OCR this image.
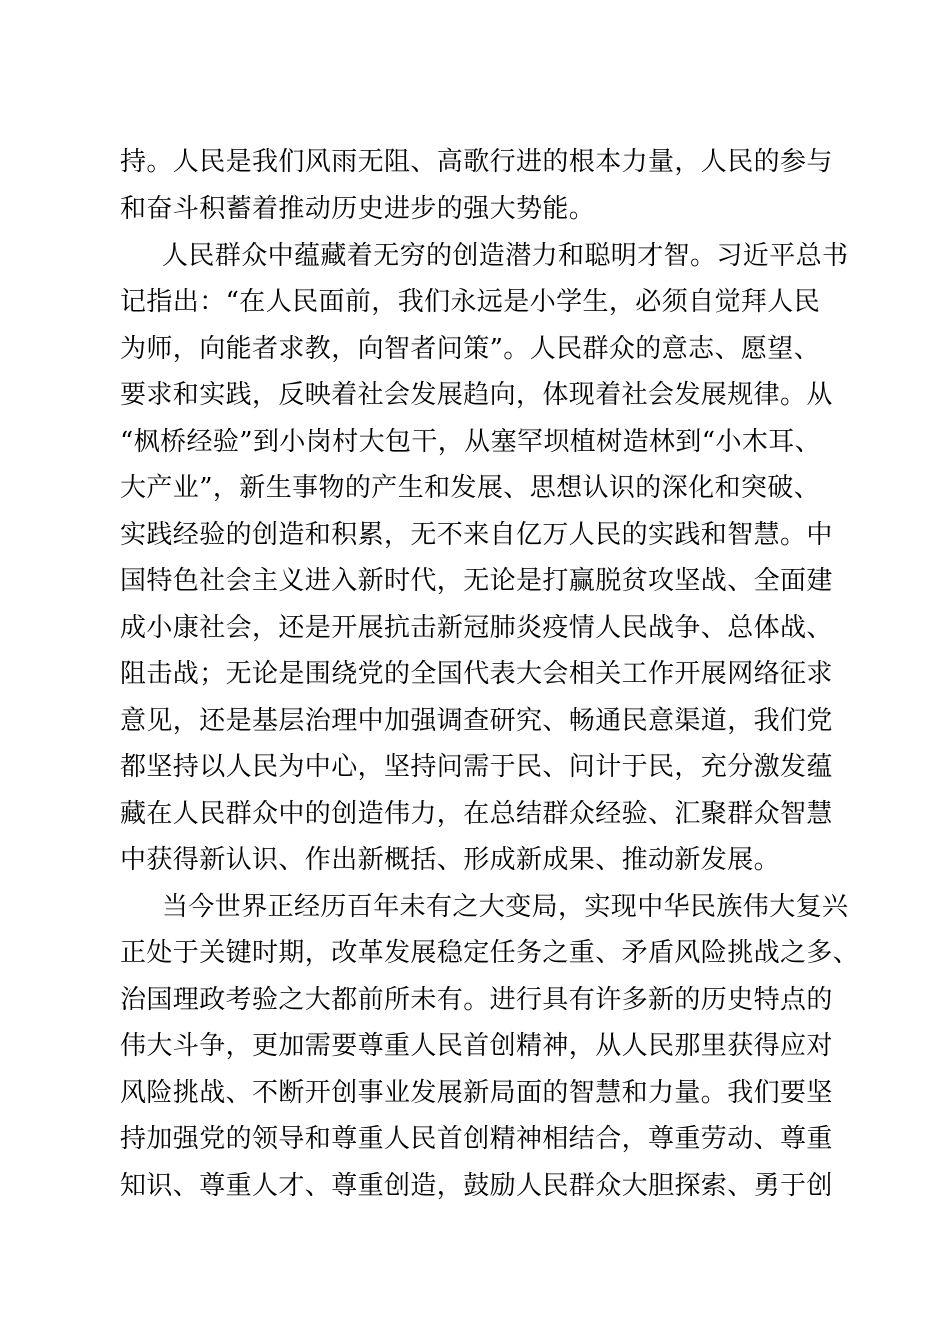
持。人民是我们风雨无阻、高歌行进的根本力量，人民的参与
和奋斗积蓄着推动历史进步的强大势能。
人民群众中蕴藏着无穷的创造潜力和聪明才智。习近平总书
记指出：“在人民面前，我们永远是小学生，必须自觉拜人民
为师，向能者求教，向智者问策”。人民群众的意志、愿望、
要求和实践，反映着社会发展趋向，体现着社会发展规律。从
“枫桥经验”到小岗村大包干，从塞罕坝植树造林到“小木耳、
大产业”，新生事物的产生和发展、思想认识的深化和突破、
实践经验的创造和积累，无不来自亿万人民的实践和智慧。中
国特色社会主义进入新时代，无论是打赢脱贫攻坚战、全面建
成小康社会，还是开展抗击新冠肺炎疫情人民战争、总体战、
阻击战；无论是围绕党的全国代表大会相关工作开展网络征求
意见，还是基层治理中加强调查研究、畅通民意渠道，我们党
都坚持以人民为中心，坚持问需于民、问计于民，充分激发蕴
藏在人民群众中的创造伟力，在总结群众经验、汇聚群众智慧
中获得新认识、作出新概括、形成新成果、推动新发展。
当今世界正经历百年未有之大变局，实现中华民族伟大复兴
正处于关键时期，改革发展稳定任务之重、矛盾风险挑战之多、
治国理政考验之大都前所未有。进行具有许多新的历史特点的
伟大斗争，更加需要尊重人民首创精神，从人民那里获得应对
风险挑战、不断开创事业发展新局面的智慧和力量。我们要坚
持加强党的领导和尊重人民首创精神相结合，尊重劳动、尊重
知识、尊重人才、尊重创造，鼓励人民群众大胆探索、勇于创
